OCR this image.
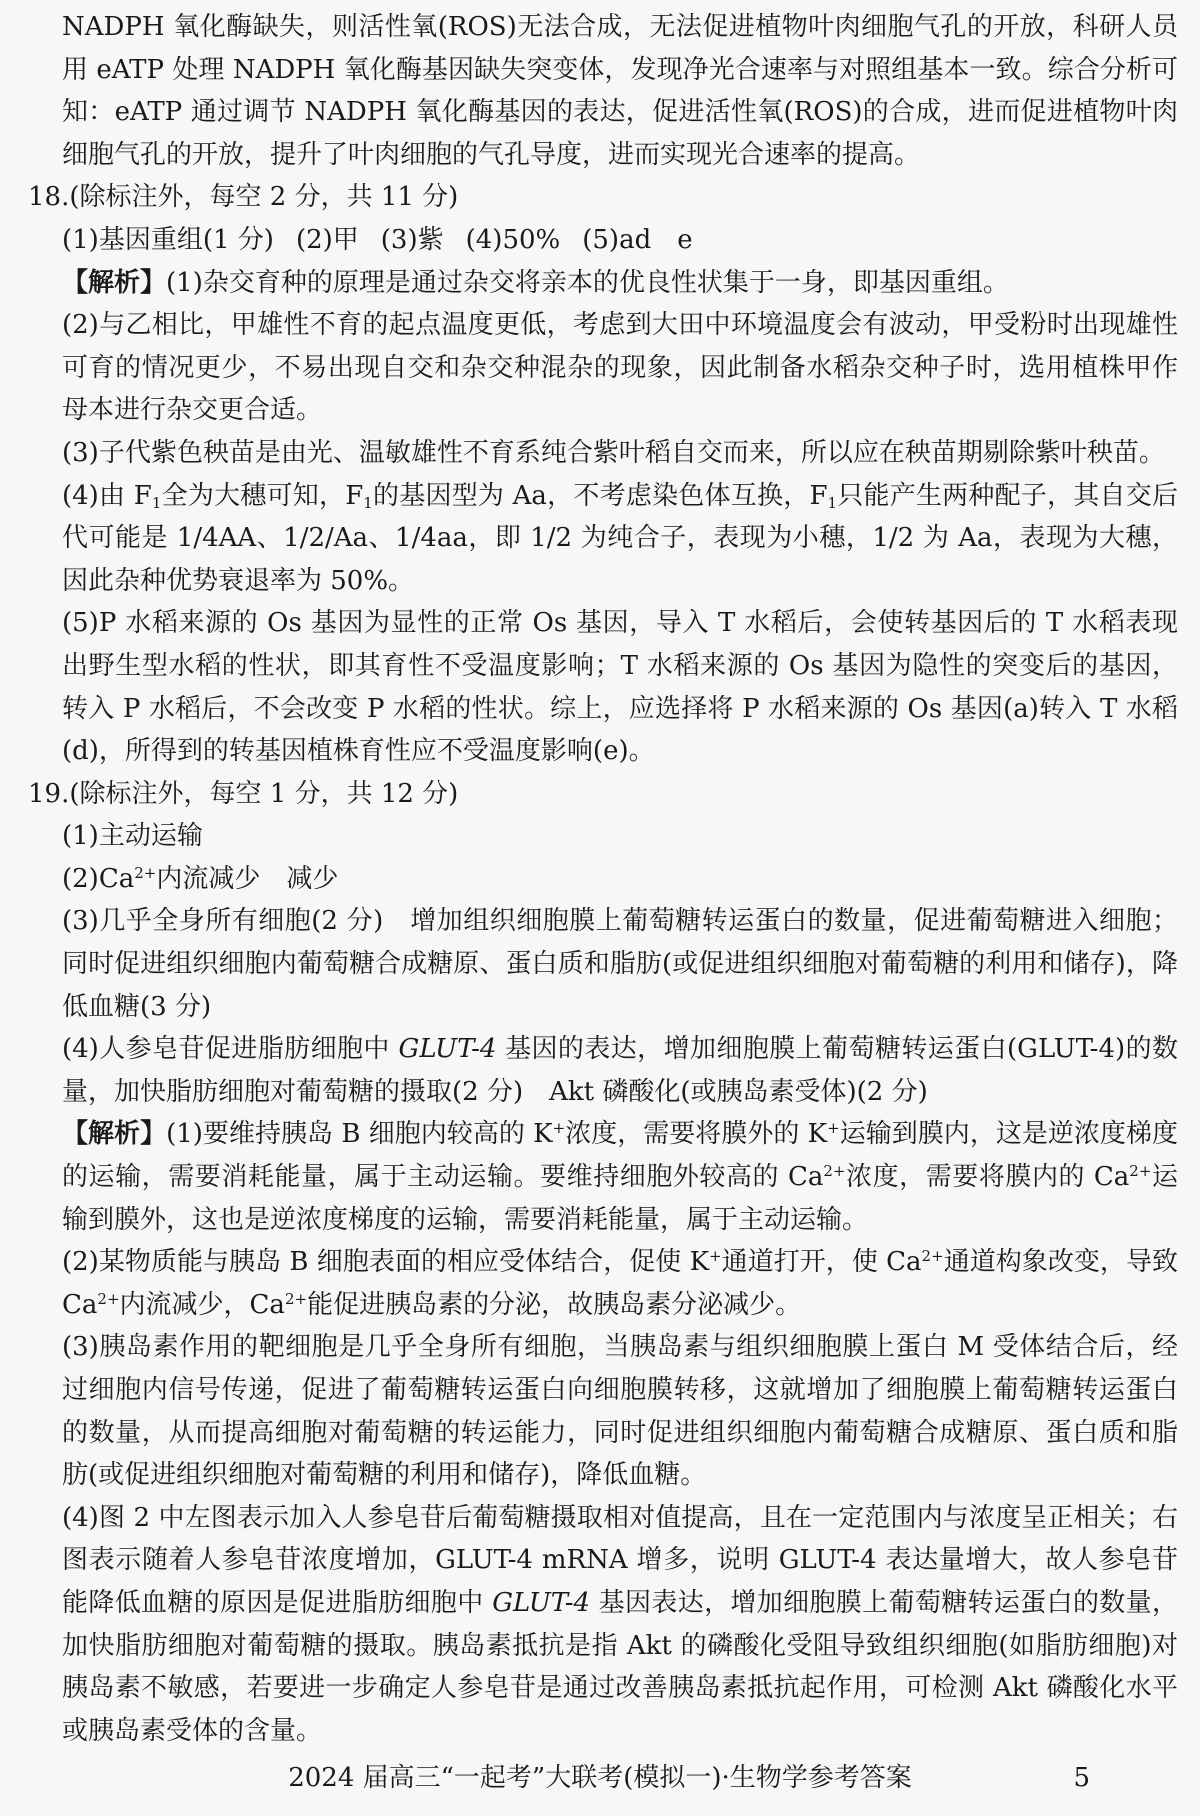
NADPH 氧化酶缺失，则活性氧(ROS)无法合成，无法促进植物叶肉细胞气孔的开放，科研人员用 eATP 处理 NADPH 氧化酶基因缺失突变体，发现净光合速率与对照组基本一致。综合分析可知：eATP 通过调节 NADPH 氧化酶基因的表达，促进活性氧(ROS)的合成，进而促进植物叶肉细胞气孔的开放，提升了叶肉细胞的气孔导度，进而实现光合速率的提高。

18.(除标注外，每空 2 分，共 11 分)

(1)基因重组(1 分) (2)甲 (3)紫 (4)50% (5)ad　e

【解析】(1)杂交育种的原理是通过杂交将亲本的优良性状集于一身，即基因重组。

(2)与乙相比，甲雄性不育的起点温度更低，考虑到大田中环境温度会有波动，甲受粉时出现雄性可育的情况更少，不易出现自交和杂交种混杂的现象，因此制备水稻杂交种子时，选用植株甲作母本进行杂交更合适。

(3)子代紫色秧苗是由光、温敏雄性不育系纯合紫叶稻自交而来，所以应在秧苗期剔除紫叶秧苗。

(4)由 $F_1$全为大穗可知，$F_1$的基因型为 Aa，不考虑染色体互换，$F_1$只能产生两种配子，其自交后代可能是 1/4AA、1/2/Aa、1/4aa，即 1/2 为纯合子，表现为小穗，1/2 为 Aa，表现为大穗，因此杂种优势衰退率为 50%。

(5)P 水稻来源的 Os 基因为显性的正常 Os 基因，导入 T 水稻后，会使转基因后的 T 水稻表现出野生型水稻的性状，即其育性不受温度影响；T 水稻来源的 Os 基因为隐性的突变后的基因，转入 P 水稻后，不会改变 P 水稻的性状。综上，应选择将 P 水稻来源的 Os 基因(a)转入 T 水稻(d)，所得到的转基因植株育性应不受温度影响(e)。

19.(除标注外，每空 1 分，共 12 分)

(1)主动运输

$(2)Ca^{2+}$内流减少　减少

(3)几乎全身所有细胞(2 分)　增加组织细胞膜上葡萄糖转运蛋白的数量，促进葡萄糖进入细胞；同时促进组织细胞内葡萄糖合成糖原、蛋白质和脂肪(或促进组织细胞对葡萄糖的利用和储存)，降低血糖(3 分)

(4)人参皂苷促进脂肪细胞中 GLUT-4 基因的表达，增加细胞膜上葡萄糖转运蛋白(GLUT-4)的数量，加快脂肪细胞对葡萄糖的摄取(2 分)　Akt 磷酸化(或胰岛素受体)(2 分)

【解析】(1)要维持胰岛 B 细胞内较高的 K+浓度，需要将膜外的 K+运输到膜内，这是逆浓度梯度的运输，需要消耗能量，属于主动运输。要维持细胞外较高的 $Ca^{2+}$浓度，需要将膜内的 $Ca^{2+}$运输到膜外，这也是逆浓度梯度的运输，需要消耗能量，属于主动运输。

(2)某物质能与胰岛 B 细胞表面的相应受体结合，促使 K+通道打开，使 $Ca^{2+}$通道构象改变，导致 $Ca^{2+}$内流减少，$Ca^{2+}$能促进胰岛素的分泌，故胰岛素分泌减少。

(3)胰岛素作用的靶细胞是几乎全身所有细胞，当胰岛素与组织细胞膜上蛋白 M 受体结合后，经过细胞内信号传递，促进了葡萄糖转运蛋白向细胞膜转移，这就增加了细胞膜上葡萄糖转运蛋白的数量，从而提高细胞对葡萄糖的转运能力，同时促进组织细胞内葡萄糖合成糖原、蛋白质和脂肪(或促进组织细胞对葡萄糖的利用和储存)，降低血糖。

(4)图 2 中左图表示加入人参皂苷后葡萄糖摄取相对值提高，且在一定范围内与浓度呈正相关；右图表示随着人参皂苷浓度增加，GLUT-4 mRNA 增多，说明 GLUT-4 表达量增大，故人参皂苷能降低血糖的原因是促进脂肪细胞中 GLUT-4 基因表达，增加细胞膜上葡萄糖转运蛋白的数量，加快脂肪细胞对葡萄糖的摄取。胰岛素抵抗是指 Akt 的磷酸化受阻导致组织细胞(如脂肪细胞)对胰岛素不敏感，若要进一步确定人参皂苷是通过改善胰岛素抵抗起作用，可检测 Akt 磷酸化水平或胰岛素受体的含量。

2024 届高三“一起考”大联考(模拟一)·生物学参考答案	5
